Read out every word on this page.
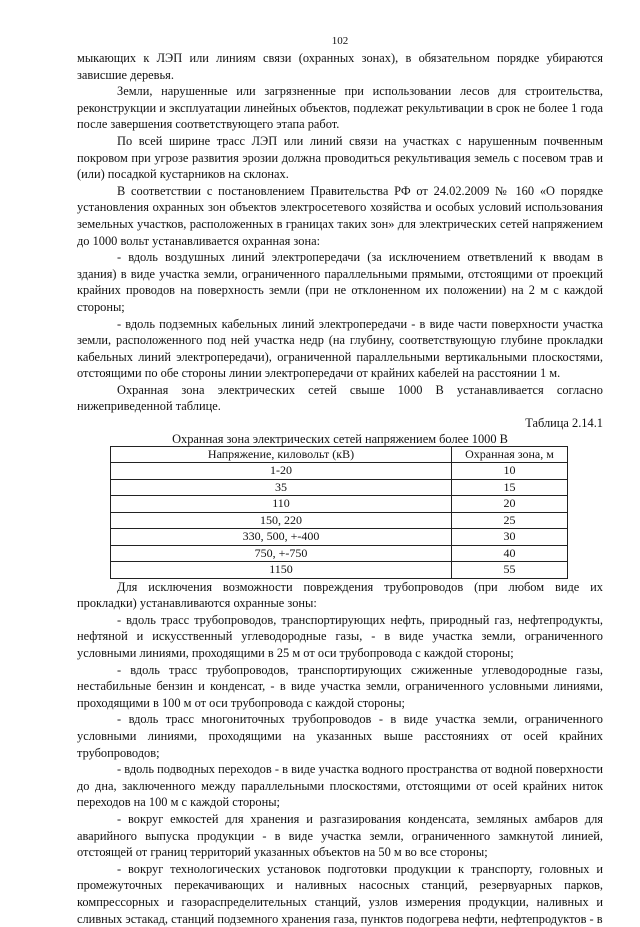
102

мыкающих к ЛЭП или линиям связи (охранных зонах), в обязательном порядке убираются зависшие деревья.

Земли, нарушенные или загрязненные при использовании лесов для строительства, реконструкции и эксплуатации линейных объектов, подлежат рекультивации в срок не более 1 года после завершения соответствующего этапа работ.

По всей ширине трасс ЛЭП или линий связи на участках с нарушенным почвенным покровом при угрозе развития эрозии должна проводиться рекультивация земель с посевом трав и (или) посадкой кустарников на склонах.

В соответствии с постановлением Правительства РФ от 24.02.2009 № 160 «О порядке установления охранных зон объектов электросетевого хозяйства и особых условий использования земельных участков, расположенных в границах таких зон» для электрических сетей напряжением до 1000 вольт устанавливается охранная зона:

- вдоль воздушных линий электропередачи (за исключением ответвлений к вводам в здания) в виде участка земли, ограниченного параллельными прямыми, отстоящими от проекций крайних проводов на поверхность земли (при не отклоненном их положении) на 2 м с каждой стороны;

- вдоль подземных кабельных линий электропередачи - в виде части поверхности участка земли, расположенного под ней участка недр (на глубину, соответствующую глубине прокладки кабельных линий электропередачи), ограниченной параллельными вертикальными плоскостями, отстоящими по обе стороны линии электропередачи от крайних кабелей на расстоянии 1 м.

Охранная зона электрических сетей свыше 1000 В устанавливается согласно нижеприведенной таблице.

Таблица 2.14.1

Охранная зона электрических сетей напряжением более 1000 В

Напряжение, киловольт (кВ)	Охранная зона, м
1-20	10
35	15
110	20
150, 220	25
330, 500, +-400	30
750, +-750	40
1150	55

Для исключения возможности повреждения трубопроводов (при любом виде их прокладки) устанавливаются охранные зоны:

- вдоль трасс трубопроводов, транспортирующих нефть, природный газ, нефтепродукты, нефтяной и искусственный углеводородные газы, - в виде участка земли, ограниченного условными линиями, проходящими в 25 м от оси трубопровода с каждой стороны;

- вдоль трасс трубопроводов, транспортирующих сжиженные углеводородные газы, нестабильные бензин и конденсат, - в виде участка земли, ограниченного условными линиями, проходящими в 100 м от оси трубопровода с каждой стороны;

- вдоль трасс многониточных трубопроводов - в виде участка земли, ограниченного условными линиями, проходящими на указанных выше расстояниях от осей крайних трубопроводов;

- вдоль подводных переходов - в виде участка водного пространства от водной поверхности до дна, заключенного между параллельными плоскостями, отстоящими от осей крайних ниток переходов на 100 м с каждой стороны;

- вокруг емкостей для хранения и разгазирования конденсата, земляных амбаров для аварийного выпуска продукции - в виде участка земли, ограниченного замкнутой линией, отстоящей от границ территорий указанных объектов на 50 м во все стороны;

- вокруг технологических установок подготовки продукции к транспорту, головных и промежуточных перекачивающих и наливных насосных станций, резервуарных парков, компрессорных и газораспределительных станций, узлов измерения продукции, наливных и сливных эстакад, станций подземного хранения газа, пунктов подогрева нефти, нефтепродуктов - в
